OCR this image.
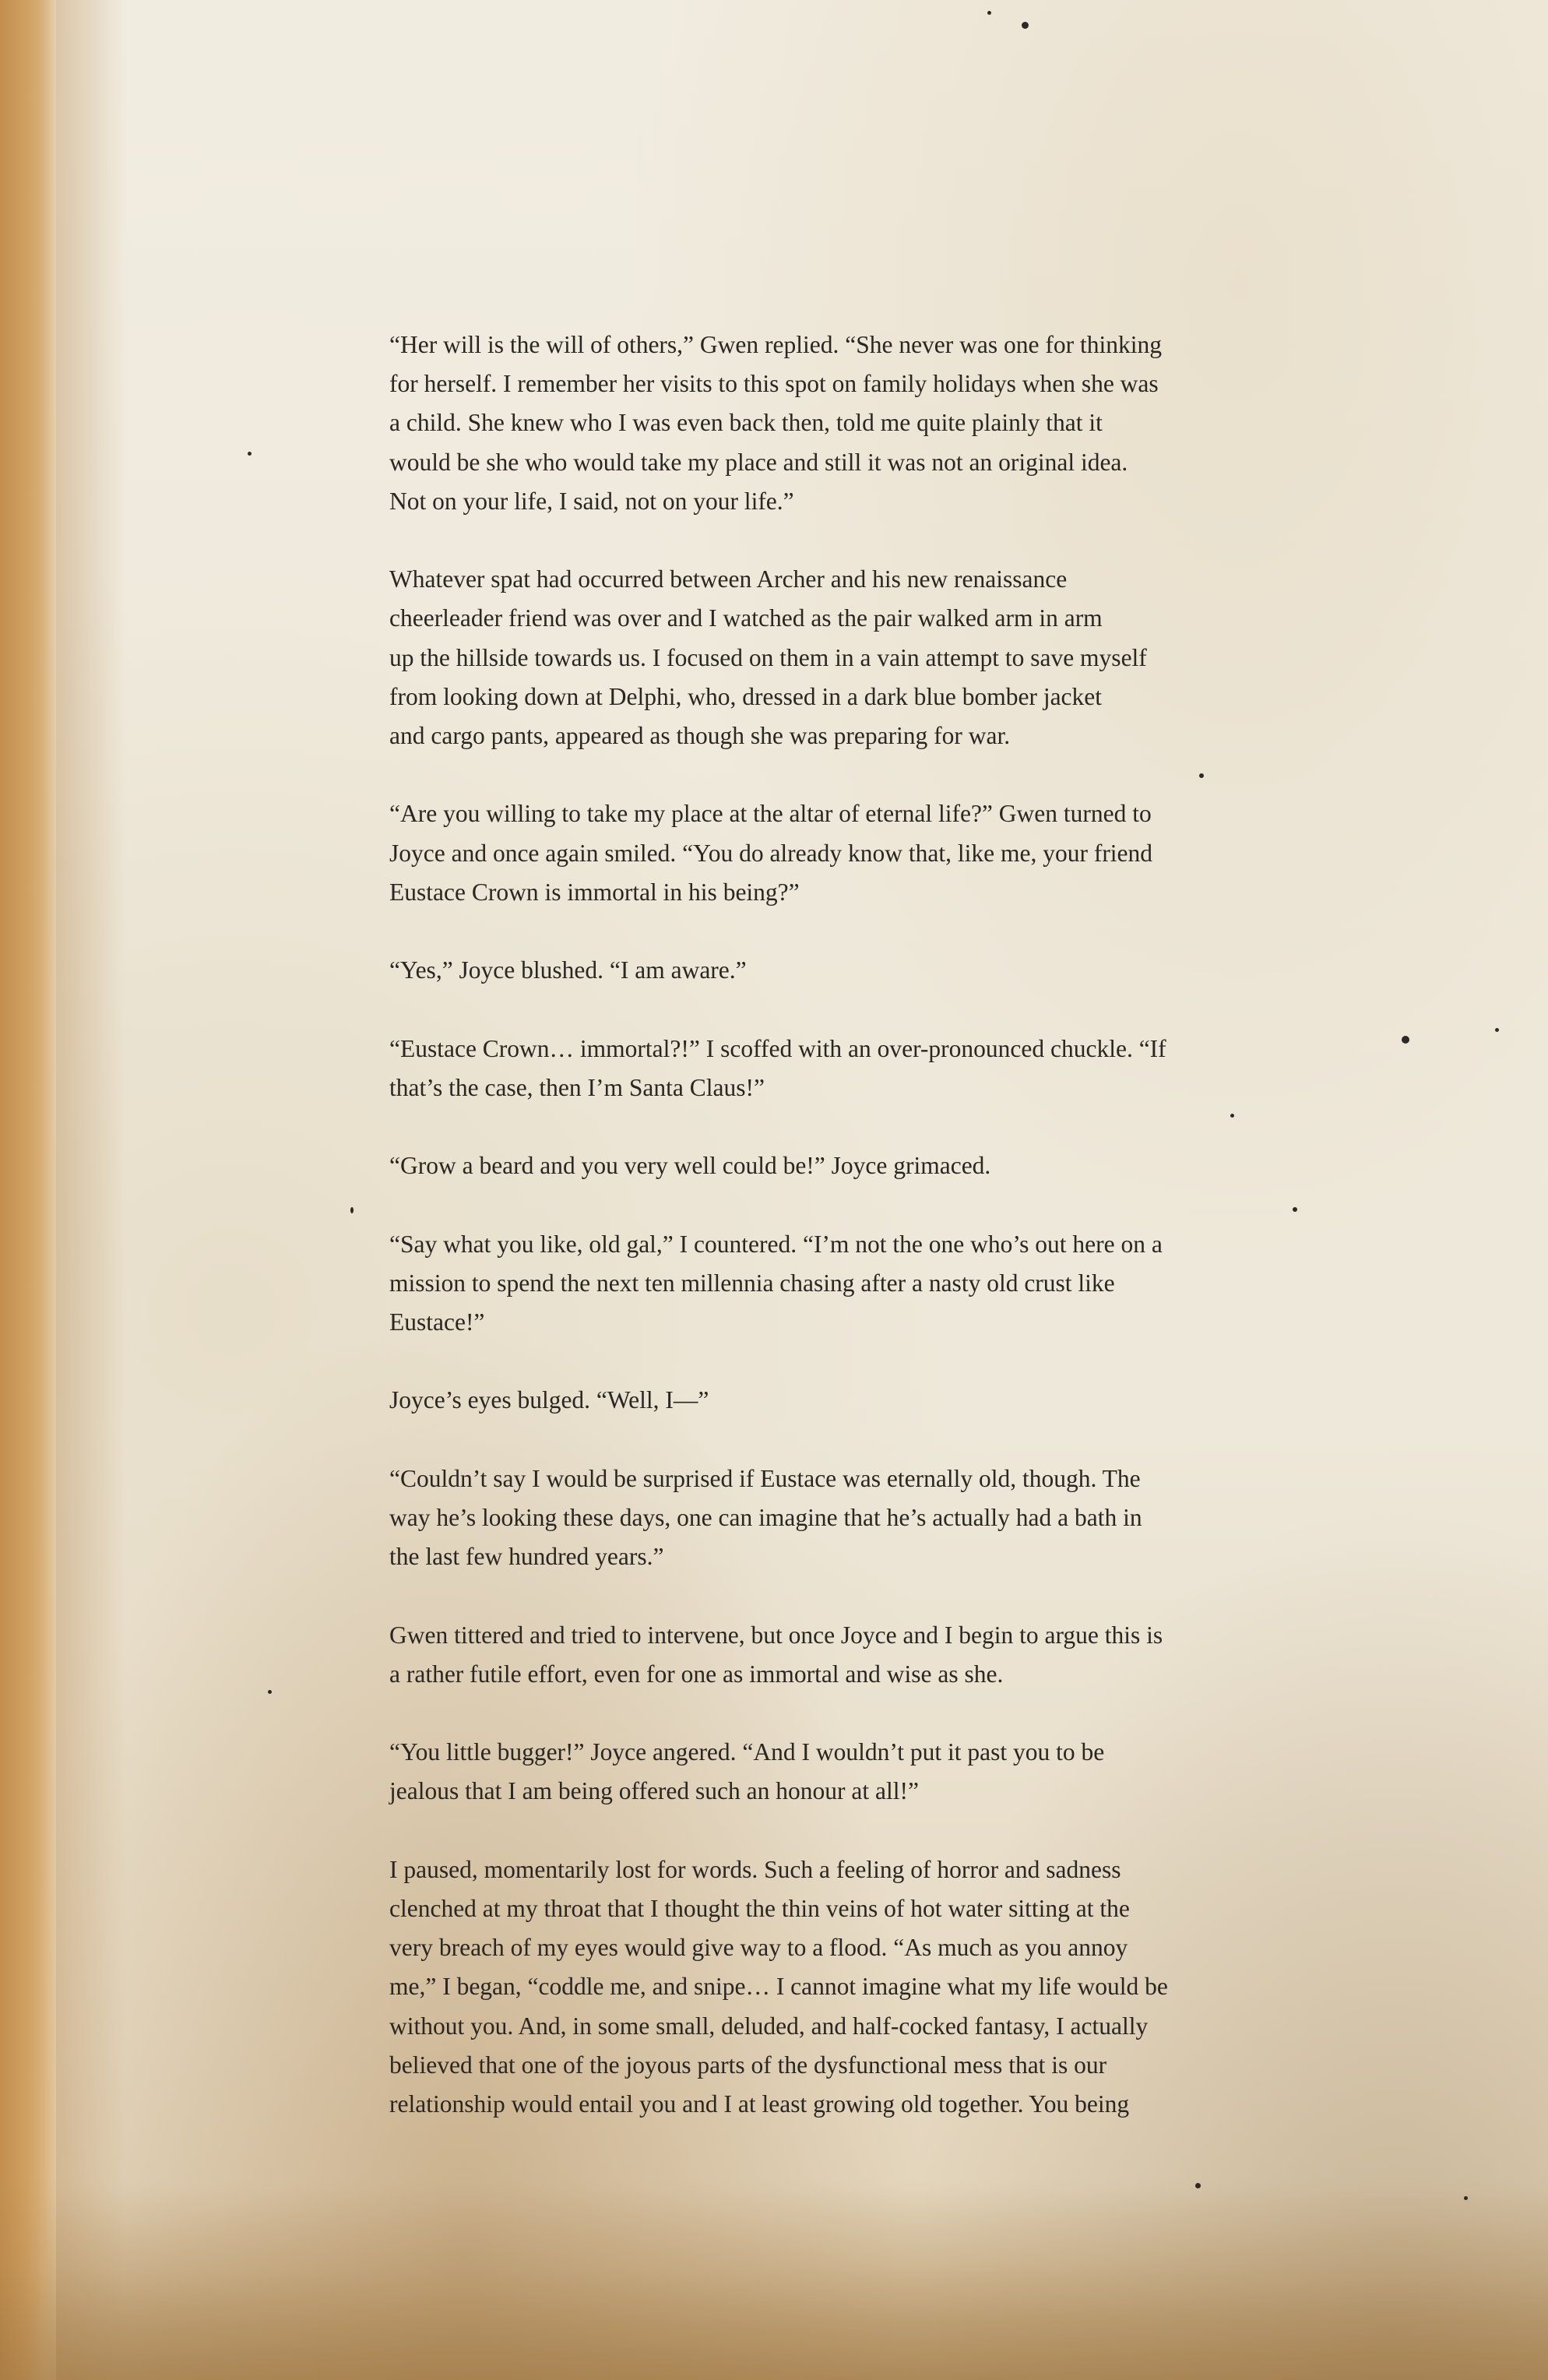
“Her will is the will of others,” Gwen replied. “She never was one for thinking
for herself. I remember her visits to this spot on family holidays when she was
a child. She knew who I was even back then, told me quite plainly that it
would be she who would take my place and still it was not an original idea.
Not on your life, I said, not on your life.”

Whatever spat had occurred between Archer and his new renaissance
cheerleader friend was over and I watched as the pair walked arm in arm
up the hillside towards us. I focused on them in a vain attempt to save myself
from looking down at Delphi, who, dressed in a dark blue bomber jacket
and cargo pants, appeared as though she was preparing for war.

“Are you willing to take my place at the altar of eternal life?” Gwen turned to
Joyce and once again smiled. “You do already know that, like me, your friend
Eustace Crown is immortal in his being?”

“Yes,” Joyce blushed. “I am aware.”

“Eustace Crown… immortal?!” I scoffed with an over-pronounced chuckle. “If
that’s the case, then I’m Santa Claus!”

“Grow a beard and you very well could be!” Joyce grimaced.

“Say what you like, old gal,” I countered. “I’m not the one who’s out here on a
mission to spend the next ten millennia chasing after a nasty old crust like
Eustace!”

Joyce’s eyes bulged. “Well, I—”

“Couldn’t say I would be surprised if Eustace was eternally old, though. The
way he’s looking these days, one can imagine that he’s actually had a bath in
the last few hundred years.”

Gwen tittered and tried to intervene, but once Joyce and I begin to argue this is
a rather futile effort, even for one as immortal and wise as she.

“You little bugger!” Joyce angered. “And I wouldn’t put it past you to be
jealous that I am being offered such an honour at all!”

I paused, momentarily lost for words. Such a feeling of horror and sadness
clenched at my throat that I thought the thin veins of hot water sitting at the
very breach of my eyes would give way to a flood. “As much as you annoy
me,” I began, “coddle me, and snipe… I cannot imagine what my life would be
without you. And, in some small, deluded, and half-cocked fantasy, I actually
believed that one of the joyous parts of the dysfunctional mess that is our
relationship would entail you and I at least growing old together. You being
